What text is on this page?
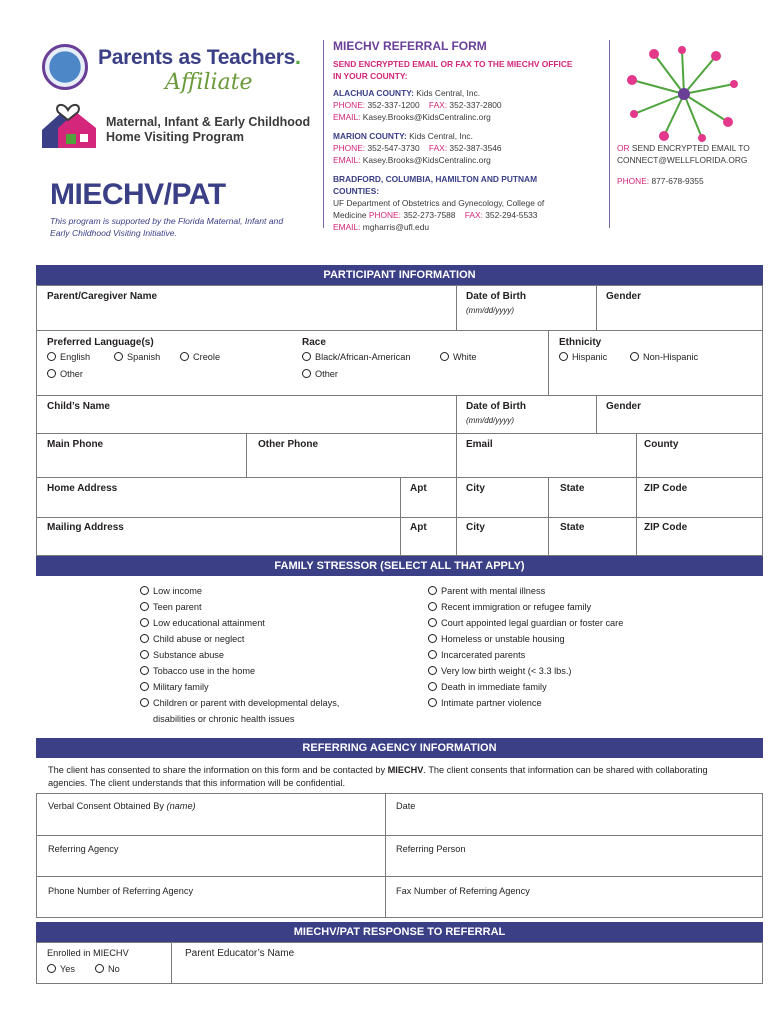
Parents as Teachers.
Affiliate
Maternal, Infant & Early Childhood
Home Visiting Program
MIECHV/PAT
This program is supported by the Florida Maternal, Infant and Early Childhood Visiting Initiative.
MIECHV REFERRAL FORM
SEND ENCRYPTED EMAIL OR FAX TO THE MIECHV OFFICE IN YOUR COUNTY:
ALACHUA COUNTY: Kids Central, Inc.
PHONE: 352-337-1200 FAX: 352-337-2800
EMAIL: Kasey.Brooks@KidsCentralinc.org
MARION COUNTY: Kids Central, Inc.
PHONE: 352-547-3730 FAX: 352-387-3546
EMAIL: Kasey.Brooks@KidsCentralinc.org
BRADFORD, COLUMBIA, HAMILTON AND PUTNAM COUNTIES:
UF Department of Obstetrics and Gynecology, College of Medicine PHONE: 352-273-7588 FAX: 352-294-5533
EMAIL: mgharris@ufl.edu
OR SEND ENCRYPTED EMAIL TO
CONNECT@WELLFLORIDA.ORG
PHONE: 877-678-9355
PARTICIPANT INFORMATION
Parent/Caregiver Name	Date of Birth
(mm/dd/yyyy)
Gender
Preferred Language(s)
English	Spanish	Creole
Other
Race
Black/African-American	White
Other
Ethnicity
Hispanic	Non-Hispanic
Child’s Name	Date of Birth
(mm/dd/yyyy)
Gender
Main Phone	Other Phone	Email	County
Home Address	Apt	City	State	ZIP Code
Mailing Address	Apt	City	State	ZIP Code
FAMILY STRESSOR (SELECT ALL THAT APPLY)
Low income
Teen parent
Low educational attainment
Child abuse or neglect
Substance abuse
Tobacco use in the home
Military family
Children or parent with developmental delays,
disabilities or chronic health issues
Parent with mental illness
Recent immigration or refugee family
Court appointed legal guardian or foster care
Homeless or unstable housing
Incarcerated parents
Very low birth weight (< 3.3 lbs.)
Death in immediate family
Intimate partner violence
REFERRING AGENCY INFORMATION
The client has consented to share the information on this form and be contacted by MIECHV. The client consents that information can be shared with collaborating agencies. The client understands that this information will be confidential.
Verbal Consent Obtained By (name)	Date
Referring Agency	Referring Person
Phone Number of Referring Agency	Fax Number of Referring Agency
MIECHV/PAT RESPONSE TO REFERRAL
Enrolled in MIECHV
Yes	No
Parent Educator’s Name
